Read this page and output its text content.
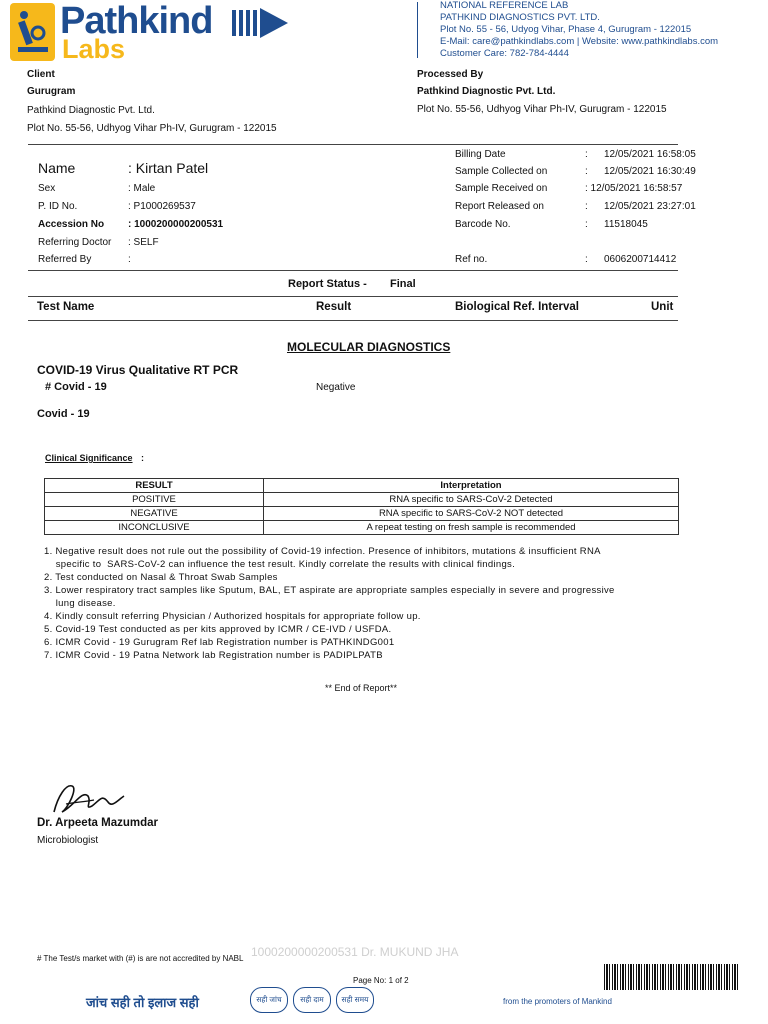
Pathkind
Labs
NATIONAL REFERENCE LAB
PATHKIND DIAGNOSTICS PVT. LTD.
Plot No. 55 - 56, Udyog Vihar, Phase 4, Gurugram - 122015
E-Mail: care@pathkindlabs.com | Website: www.pathkindlabs.com
Customer Care: 782-784-4444
Client
Gurugram
Pathkind Diagnostic Pvt. Ltd.
Plot No. 55-56, Udhyog Vihar Ph-IV, Gurugram - 122015
Processed By
Pathkind Diagnostic Pvt. Ltd.
Plot No. 55-56, Udhyog Vihar Ph-IV, Gurugram - 122015
Name	: Kirtan Patel
Sex	: Male
P. ID No.	: P1000269537
Accession No : 1000200000200531
Referring Doctor : SELF
Referred By	:
Billing Date	: 12/05/2021 16:58:05
Sample Collected on	: 12/05/2021 16:30:49
Sample Received on	: 12/05/2021 16:58:57
Report Released on	: 12/05/2021 23:27:01
Barcode No.	: 11518045
Ref no.	: 0606200714412
Report Status - Final
Test Name	Result	Biological Ref. Interval	Unit
MOLECULAR DIAGNOSTICS
COVID-19 Virus Qualitative RT PCR
# Covid - 19	Negative
Covid - 19
Clinical Significance :
RESULT	Interpretation
POSITIVE	RNA specific to SARS-CoV-2 Detected
NEGATIVE	RNA specific to SARS-CoV-2 NOT detected
INCONCLUSIVE	A repeat testing on fresh sample is recommended
1. Negative result does not rule out the possibility of Covid-19 infection. Presence of inhibitors, mutations & insufficient RNA
specific to  SARS-CoV-2 can influence the test result. Kindly correlate the results with clinical findings.
2. Test conducted on Nasal & Throat Swab Samples
3. Lower respiratory tract samples like Sputum, BAL, ET aspirate are appropriate samples especially in severe and progressive
lung disease.
4. Kindly consult referring Physician / Authorized hospitals for appropriate follow up.
5. Covid-19 Test conducted as per kits approved by ICMR / CE-IVD / USFDA.
6. ICMR Covid - 19 Gurugram Ref lab Registration number is PATHKINDG001
7. ICMR Covid - 19 Patna Network lab Registration number is PADIPLPATB
** End of Report**
Dr. Arpeeta Mazumdar
Microbiologist
1000200000200531 Dr. MUKUND JHA
# The Test/s market with (#) is are not accredited by NABL
Page No: 1 of 2
जांच सही तो इलाज सही	सही जांच	सही दाम	सही समय	from the promoters of Mankind
